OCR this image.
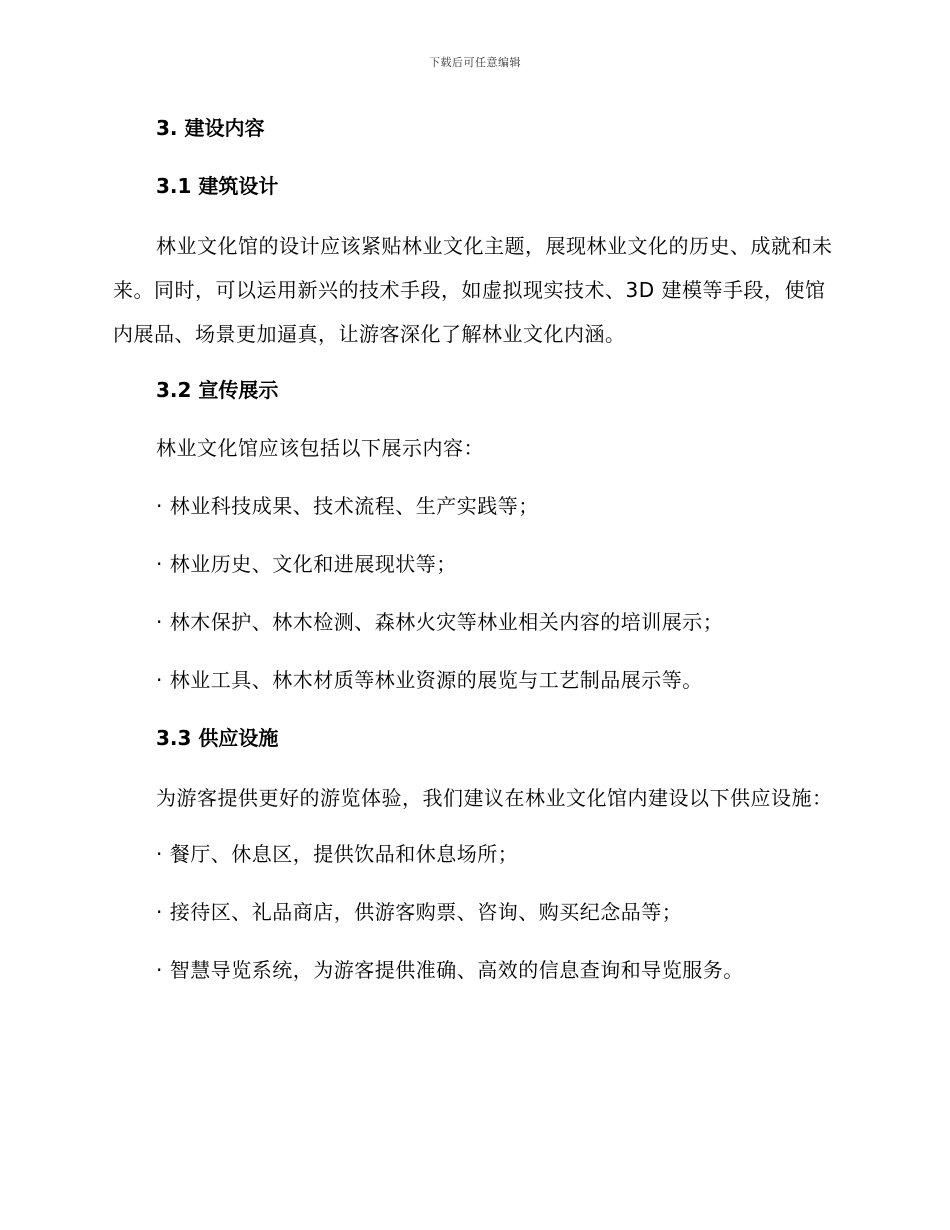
下载后可任意编辑
3. 建设内容
3.1 建筑设计

林业文化馆的设计应该紧贴林业文化主题，展现林业文化的历史、成就和未来。同时，可以运用新兴的技术手段，如虚拟现实技术、3D 建模等手段，使馆内展品、场景更加逼真，让游客深化了解林业文化内涵。

3.2 宣传展示
林业文化馆应该包括以下展示内容：
· 林业科技成果、技术流程、生产实践等；
· 林业历史、文化和进展现状等；
· 林木保护、林木检测、森林火灾等林业相关内容的培训展示；
· 林业工具、林木材质等林业资源的展览与工艺制品展示等。
3.3 供应设施

为游客提供更好的游览体验，我们建议在林业文化馆内建设以下供应设施：

· 餐厅、休息区，提供饮品和休息场所；
· 接待区、礼品商店，供游客购票、咨询、购买纪念品等；
· 智慧导览系统，为游客提供准确、高效的信息查询和导览服务。
